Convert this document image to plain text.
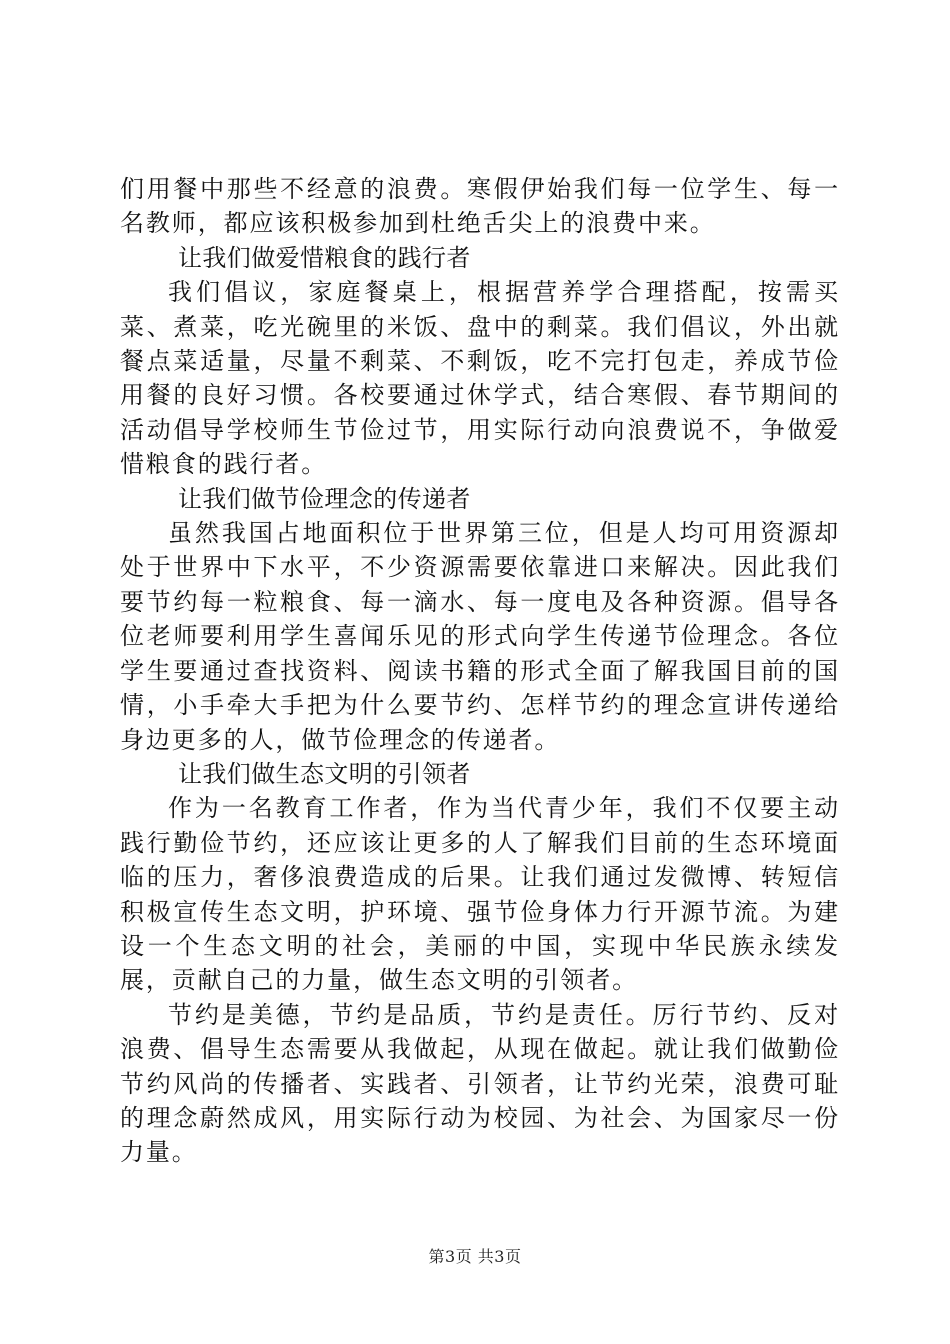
们用餐中那些不经意的浪费。寒假伊始我们每一位学生、每一名教师，都应该积极参加到杜绝舌尖上的浪费中来。

让我们做爱惜粮食的践行者

我们倡议，家庭餐桌上，根据营养学合理搭配，按需买菜、煮菜，吃光碗里的米饭、盘中的剩菜。我们倡议，外出就餐点菜适量，尽量不剩菜、不剩饭，吃不完打包走，养成节俭用餐的良好习惯。各校要通过休学式，结合寒假、春节期间的活动倡导学校师生节俭过节，用实际行动向浪费说不，争做爱惜粮食的践行者。

让我们做节俭理念的传递者

虽然我国占地面积位于世界第三位，但是人均可用资源却处于世界中下水平，不少资源需要依靠进口来解决。因此我们要节约每一粒粮食、每一滴水、每一度电及各种资源。倡导各位老师要利用学生喜闻乐见的形式向学生传递节俭理念。各位学生要通过查找资料、阅读书籍的形式全面了解我国目前的国情，小手牵大手把为什么要节约、怎样节约的理念宣讲传递给身边更多的人，做节俭理念的传递者。

让我们做生态文明的引领者

作为一名教育工作者，作为当代青少年，我们不仅要主动践行勤俭节约，还应该让更多的人了解我们目前的生态环境面临的压力，奢侈浪费造成的后果。让我们通过发微博、转短信积极宣传生态文明，护环境、强节俭身体力行开源节流。为建设一个生态文明的社会，美丽的中国，实现中华民族永续发展，贡献自己的力量，做生态文明的引领者。

节约是美德，节约是品质，节约是责任。厉行节约、反对浪费、倡导生态需要从我做起，从现在做起。就让我们做勤俭节约风尚的传播者、实践者、引领者，让节约光荣，浪费可耻的理念蔚然成风，用实际行动为校园、为社会、为国家尽一份力量。

第3页 共3页
